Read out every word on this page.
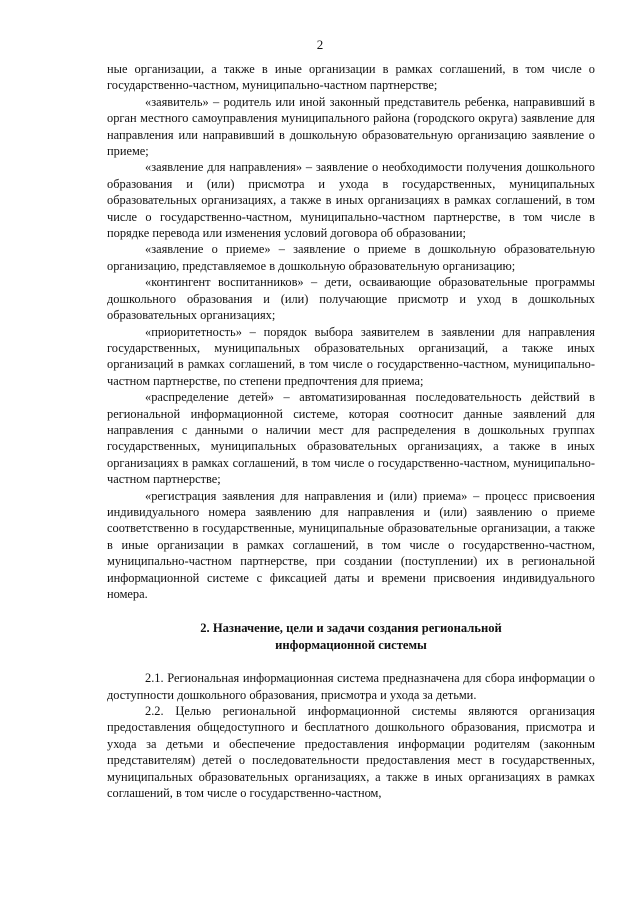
2

ные организации, а также в иные организации в рамках соглашений, в том числе о государственно-частном, муниципально-частном партнерстве;

«заявитель» – родитель или иной законный представитель ребенка, направивший в орган местного самоуправления муниципального района (городского округа) заявление для направления или направивший в дошкольную образовательную организацию заявление о приеме;

«заявление для направления» – заявление о необходимости получения дошкольного образования и (или) присмотра и ухода в государственных, муниципальных образовательных организациях, а также в иных организациях в рамках соглашений, в том числе о государственно-частном, муниципально-частном партнерстве, в том числе в порядке перевода или изменения условий договора об образовании;

«заявление о приеме» – заявление о приеме в дошкольную образовательную организацию, представляемое в дошкольную образовательную организацию;

«контингент воспитанников» – дети, осваивающие образовательные программы дошкольного образования и (или) получающие присмотр и уход в дошкольных образовательных организациях;

«приоритетность» – порядок выбора заявителем в заявлении для направления государственных, муниципальных образовательных организаций, а также иных организаций в рамках соглашений, в том числе о государственно-частном, муниципально-частном партнерстве, по степени предпочтения для приема;

«распределение детей» – автоматизированная последовательность действий в региональной информационной системе, которая соотносит данные заявлений для направления с данными о наличии мест для распределения в дошкольных группах государственных, муниципальных образовательных организациях, а также в иных организациях в рамках соглашений, в том числе о государственно-частном, муниципально-частном партнерстве;

«регистрация заявления для направления и (или) приема» – процесс присвоения индивидуального номера заявлению для направления и (или) заявлению о приеме соответственно в государственные, муниципальные образовательные организации, а также в иные организации в рамках соглашений, в том числе о государственно-частном, муниципально-частном партнерстве, при создании (поступлении) их в региональной информационной системе с фиксацией даты и времени присвоения индивидуального номера.

2. Назначение, цели и задачи создания региональной
информационной системы

2.1. Региональная информационная система предназначена для сбора информации о доступности дошкольного образования, присмотра и ухода за детьми.

2.2. Целью региональной информационной системы являются организация предоставления общедоступного и бесплатного дошкольного образования, присмотра и ухода за детьми и обеспечение предоставления информации родителям (законным представителям) детей о последовательности предоставления мест в государственных, муниципальных образовательных организациях, а также в иных организациях в рамках соглашений, в том числе о государственно-частном,
